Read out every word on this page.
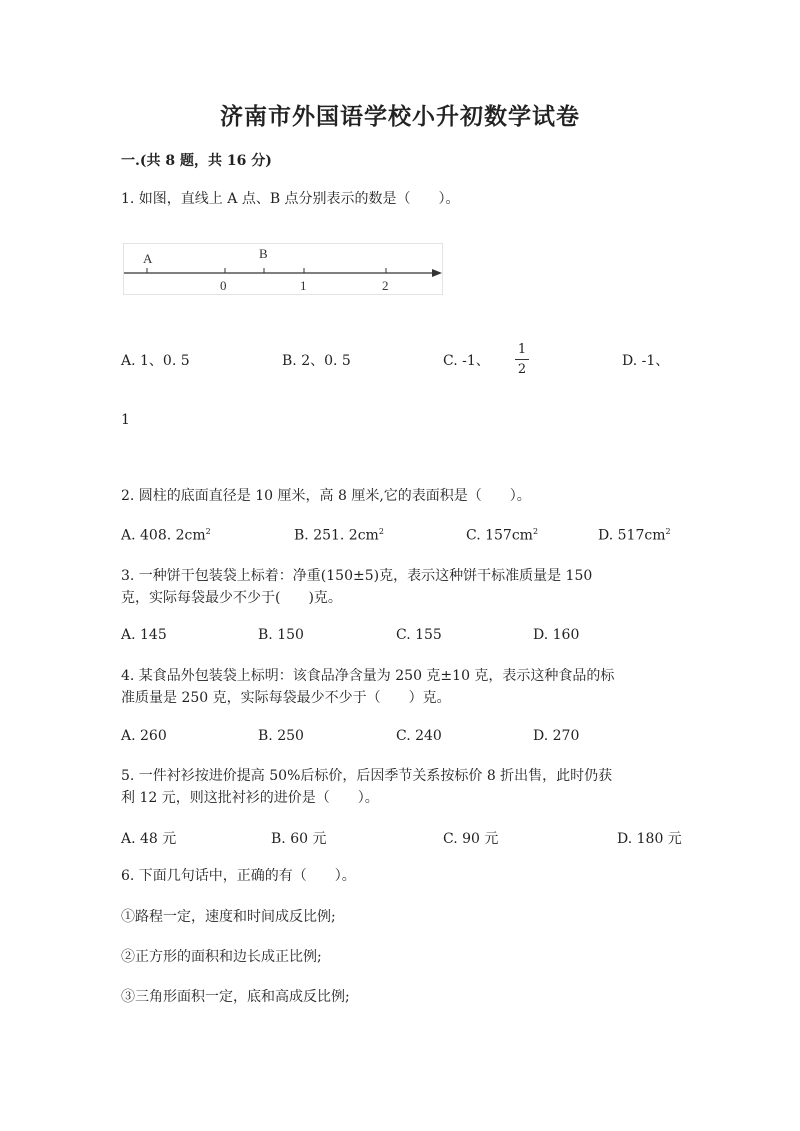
济南市外国语学校小升初数学试卷
一.(共 8 题，共 16 分)
1. 如图，直线上 A 点、B 点分别表示的数是（　　）。
A	B
0	1	2
A. 1、0. 5	B. 2、0. 5	C. -1、
1
2
D. -1、
1
2. 圆柱的底面直径是 10 厘米，高 8 厘米,它的表面积是（　　）。
A. 408. $2cm^2$	B. 251. $2cm^2$	C. $157cm^2$	D. $517cm^2$
3. 一种饼干包装袋上标着：净重(150±5)克，表示这种饼干标准质量是 150
克，实际每袋最少不少于(　　)克。
A. 145	B. 150	C. 155	D. 160
4. 某食品外包装袋上标明：该食品净含量为 250 克±10 克，表示这种食品的标
准质量是 250 克，实际每袋最少不少于（　　）克。
A. 260	B. 250	C. 240	D. 270
5. 一件衬衫按进价提高 50%后标价，后因季节关系按标价 8 折出售，此时仍获
利 12 元，则这批衬衫的进价是（　　）。
A. 48 元	B. 60 元	C. 90 元	D. 180 元
6. 下面几句话中，正确的有（　　）。
①路程一定，速度和时间成反比例;
②正方形的面积和边长成正比例;
③三角形面积一定，底和高成反比例;
